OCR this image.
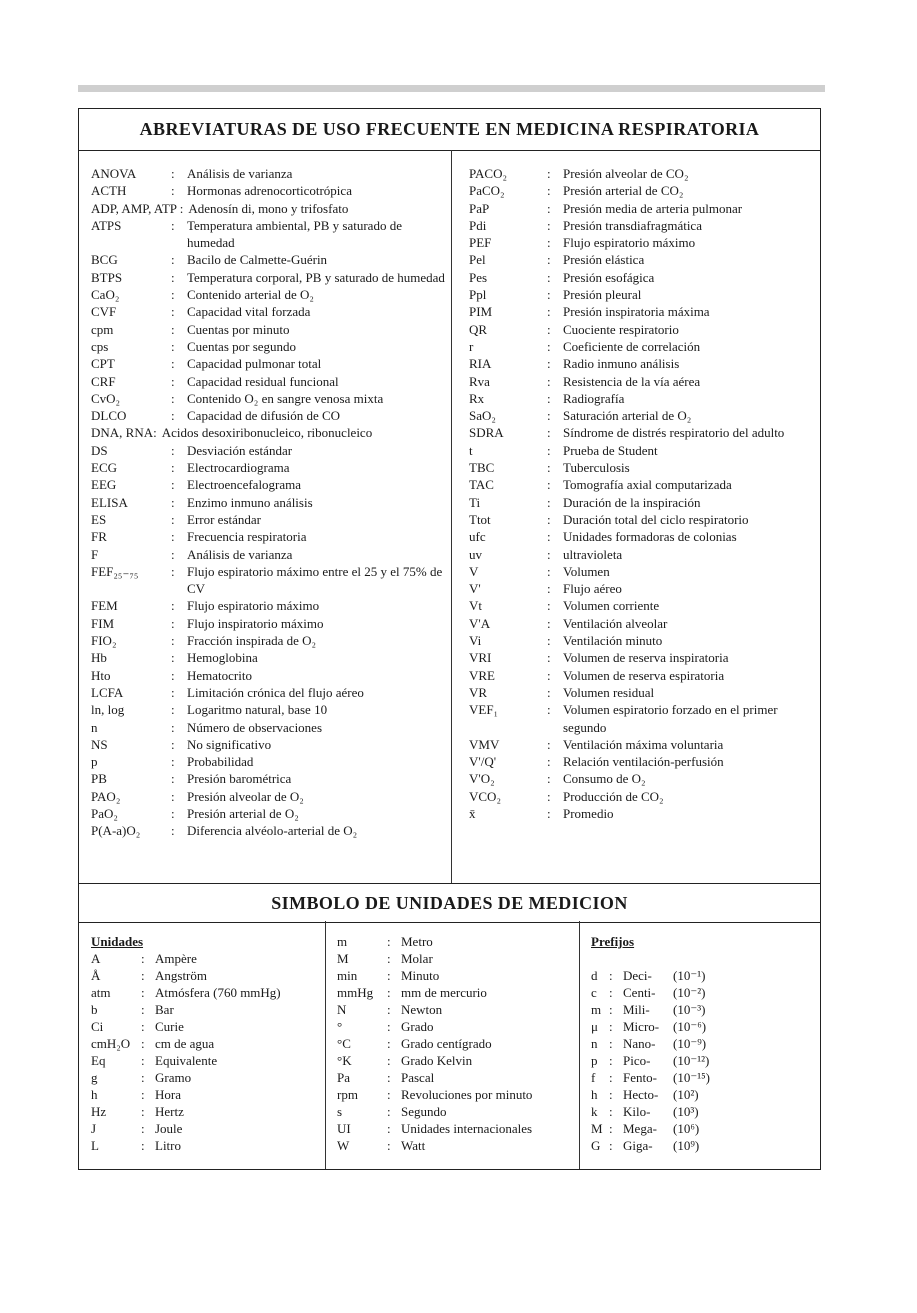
ABREVIATURAS DE USO FRECUENTE EN MEDICINA RESPIRATORIA
ANOVA	: Análisis de varianza
ACTH	: Hormonas adrenocorticotrópica
ADP, AMP, ATP : Adenosín di, mono y trifosfato
ATPS	: Temperatura ambiental, PB y saturado de humedad
BCG	: Bacilo de Calmette-Guérin
BTPS	: Temperatura corporal, PB y saturado de humedad
CaO₂	: Contenido arterial de O₂
CVF	: Capacidad vital forzada
cpm	: Cuentas por minuto
cps	: Cuentas por segundo
CPT	: Capacidad pulmonar total
CRF	: Capacidad residual funcional
CvO₂	: Contenido O₂ en sangre venosa mixta
DLCO	: Capacidad de difusión de CO
DNA, RNA: Acidos desoxiribonucleico, ribonucleico
DS	: Desviación estándar
ECG	: Electrocardiograma
EEG	: Electroencefalograma
ELISA	: Enzimo inmuno análisis
ES	: Error estándar
FR	: Frecuencia respiratoria
F	: Análisis de varianza
FEF₂₅₋₇₅	: Flujo espiratorio máximo entre el 25 y el 75% de CV
FEM	: Flujo espiratorio máximo
FIM	: Flujo inspiratorio máximo
FIO₂	: Fracción inspirada de O₂
Hb	: Hemoglobina
Hto	: Hematocrito
LCFA	: Limitación crónica del flujo aéreo
ln, log	: Logaritmo natural, base 10
n	: Número de observaciones
NS	: No significativo
p	: Probabilidad
PB	: Presión barométrica
PAO₂	: Presión alveolar de O₂
PaO₂	: Presión arterial de O₂
P(A-a)O₂	: Diferencia alvéolo-arterial de O₂
PACO₂	: Presión alveolar de CO₂
PaCO₂	: Presión arterial de CO₂
PaP	: Presión media de arteria pulmonar
Pdi	: Presión transdiafragmática
PEF	: Flujo espiratorio máximo
Pel	: Presión elástica
Pes	: Presión esofágica
Ppl	: Presión pleural
PIM	: Presión inspiratoria máxima
QR	: Cuociente respiratorio
r	: Coeficiente de correlación
RIA	: Radio inmuno análisis
Rva	: Resistencia de la vía aérea
Rx	: Radiografía
SaO₂	: Saturación arterial de O₂
SDRA	: Síndrome de distrés respiratorio del adulto
t	: Prueba de Student
TBC	: Tuberculosis
TAC	: Tomografía axial computarizada
Ti	: Duración de la inspiración
Ttot	: Duración total del ciclo respiratorio
ufc	: Unidades formadoras de colonias
uv	: ultravioleta
V	: Volumen
V'	: Flujo aéreo
Vt	: Volumen corriente
V'A	: Ventilación alveolar
Vi	: Ventilación minuto
VRI	: Volumen de reserva inspiratoria
VRE	: Volumen de reserva espiratoria
VR	: Volumen residual
VEF₁	: Volumen espiratorio forzado en el primer segundo
VMV	: Ventilación máxima voluntaria
V'/Q'	: Relación ventilación-perfusión
V'O₂	: Consumo de O₂
VCO₂	: Producción de CO₂
x̄	: Promedio
SIMBOLO DE UNIDADES DE MEDICION
Unidades
A	: Ampère
Å	: Angström
atm	: Atmósfera (760 mmHg)
b	: Bar
Ci	: Curie
cmH₂O : cm de agua
Eq	: Equivalente
g	: Gramo
h	: Hora
Hz	: Hertz
J	: Joule
L	: Litro
m	: Metro
M	: Molar
min	: Minuto
mmHg	: mm de mercurio
N	: Newton
°	: Grado
°C	: Grado centígrado
°K	: Grado Kelvin
Pa	: Pascal
rpm	: Revoluciones por minuto
s	: Segundo
UI	: Unidades internacionales
W	: Watt
Prefijos
d : Deci-	(10⁻¹)
c : Centi-	(10⁻²)
m : Mili-	(10⁻³)
μ : Micro-	(10⁻⁶)
n : Nano-	(10⁻⁹)
p : Pico-	(10⁻¹²)
f	: Fento-	(10⁻¹⁵)
h : Hecto-	(10²)
k : Kilo-	(10³)
M : Mega-	(10⁶)
G : Giga-	(10⁹)
